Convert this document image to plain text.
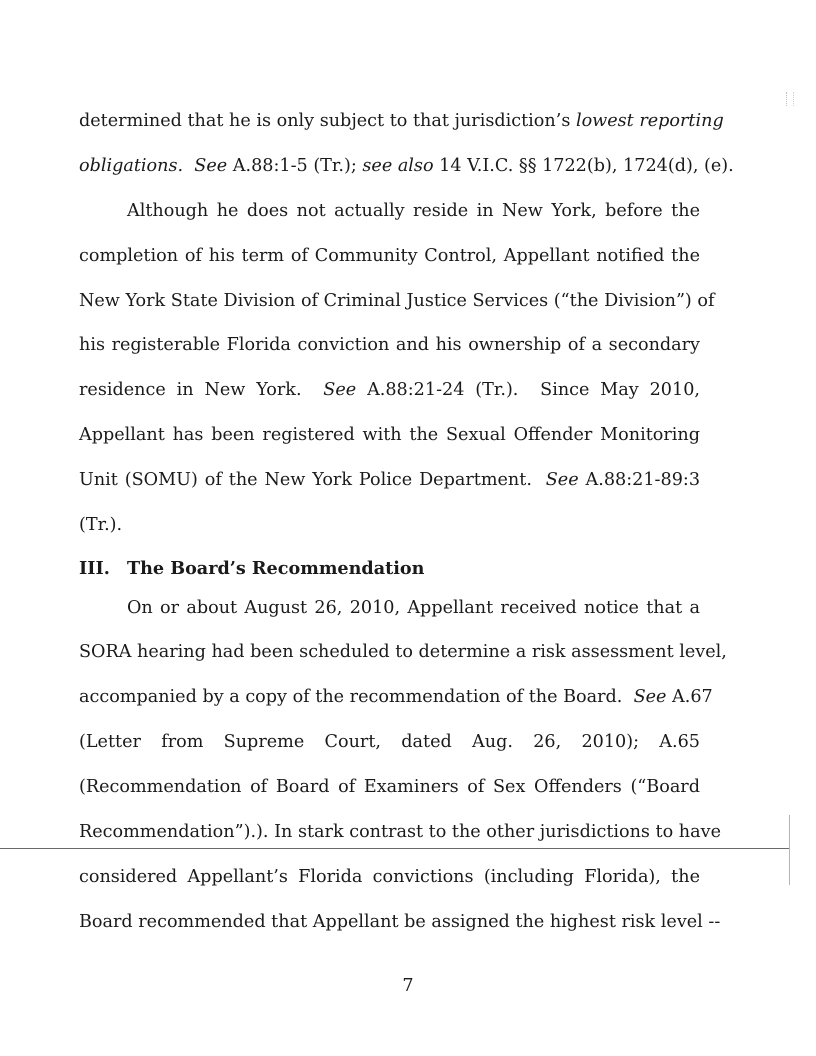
determined that he is only subject to that jurisdiction’s lowest reporting
obligations. See A.88:1-5 (Tr.); see also 14 V.I.C. §§ 1722(b), 1724(d), (e).
Although he does not actually reside in New York, before the
completion of his term of Community Control, Appellant notified the
New York State Division of Criminal Justice Services (“the Division”) of
his registerable Florida conviction and his ownership of a secondary
residence in New York.  See A.88:21-24 (Tr.).  Since May 2010,
Appellant has been registered with the Sexual Offender Monitoring
Unit (SOMU) of the New York Police Department.  See A.88:21-89:3
(Tr.).
III. The Board’s Recommendation
On or about August 26, 2010, Appellant received notice that a
SORA hearing had been scheduled to determine a risk assessment level,
accompanied by a copy of the recommendation of the Board.  See A.67
(Letter from Supreme Court, dated Aug. 26, 2010); A.65
(Recommendation of Board of Examiners of Sex Offenders (“Board
Recommendation”).). In stark contrast to the other jurisdictions to have
considered Appellant’s Florida convictions (including Florida), the
Board recommended that Appellant be assigned the highest risk level --
7
